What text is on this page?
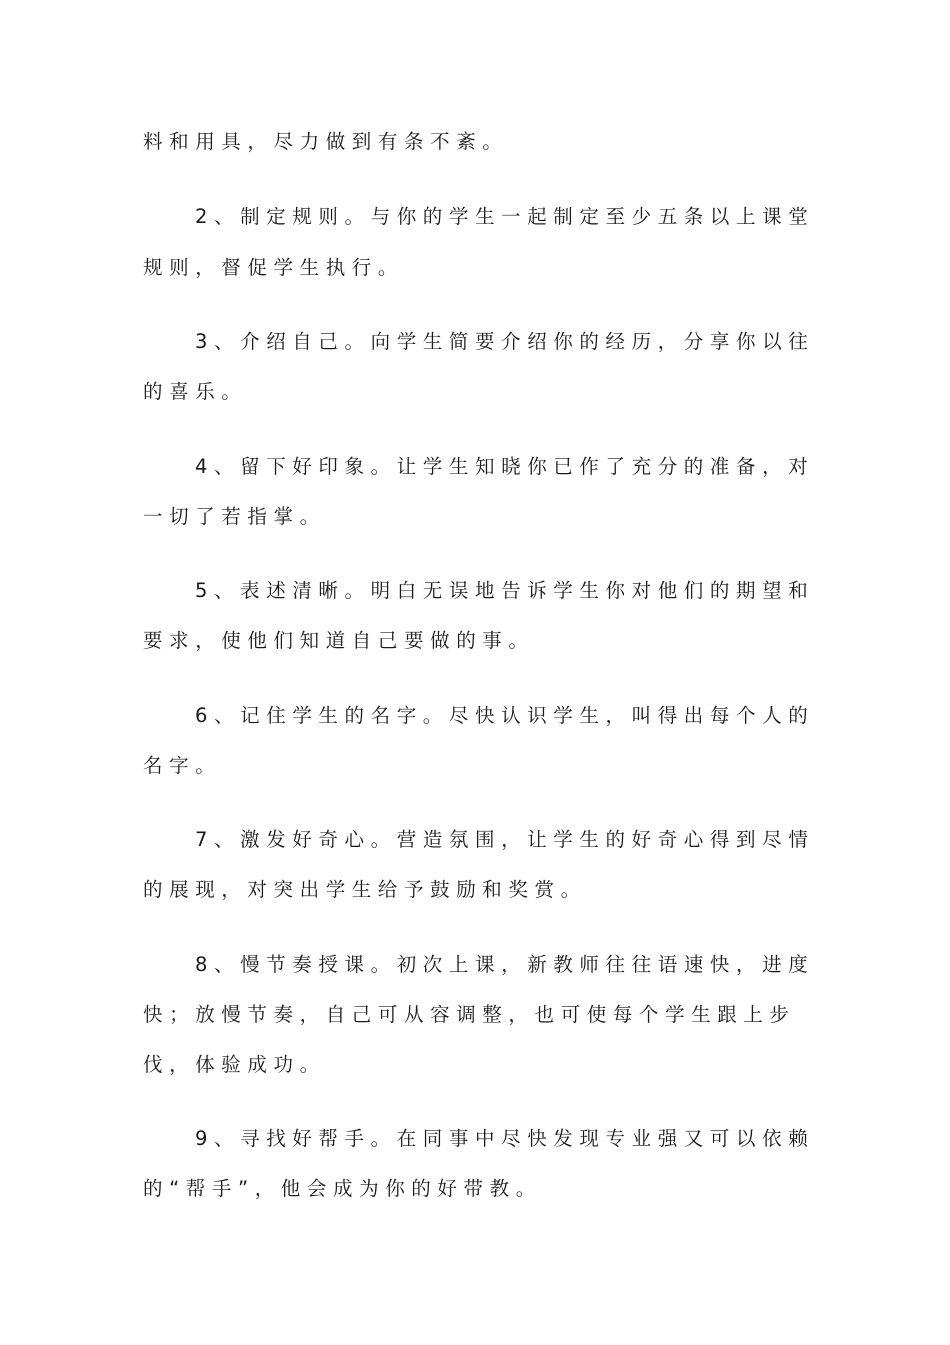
料和用具，尽力做到有条不紊。
2、制定规则。与你的学生一起制定至少五条以上课堂
规则，督促学生执行。
3、介绍自己。向学生简要介绍你的经历，分享你以往
的喜乐。
4、留下好印象。让学生知晓你已作了充分的准备，对
一切了若指掌。
5、表述清晰。明白无误地告诉学生你对他们的期望和
要求，使他们知道自己要做的事。
6、记住学生的名字。尽快认识学生，叫得出每个人的
名字。
7、激发好奇心。营造氛围，让学生的好奇心得到尽情
的展现，对突出学生给予鼓励和奖赏。
8、慢节奏授课。初次上课，新教师往往语速快，进度
快；放慢节奏，自己可从容调整，也可使每个学生跟上步
伐，体验成功。
9、寻找好帮手。在同事中尽快发现专业强又可以依赖
的“帮手”，他会成为你的好带教。
